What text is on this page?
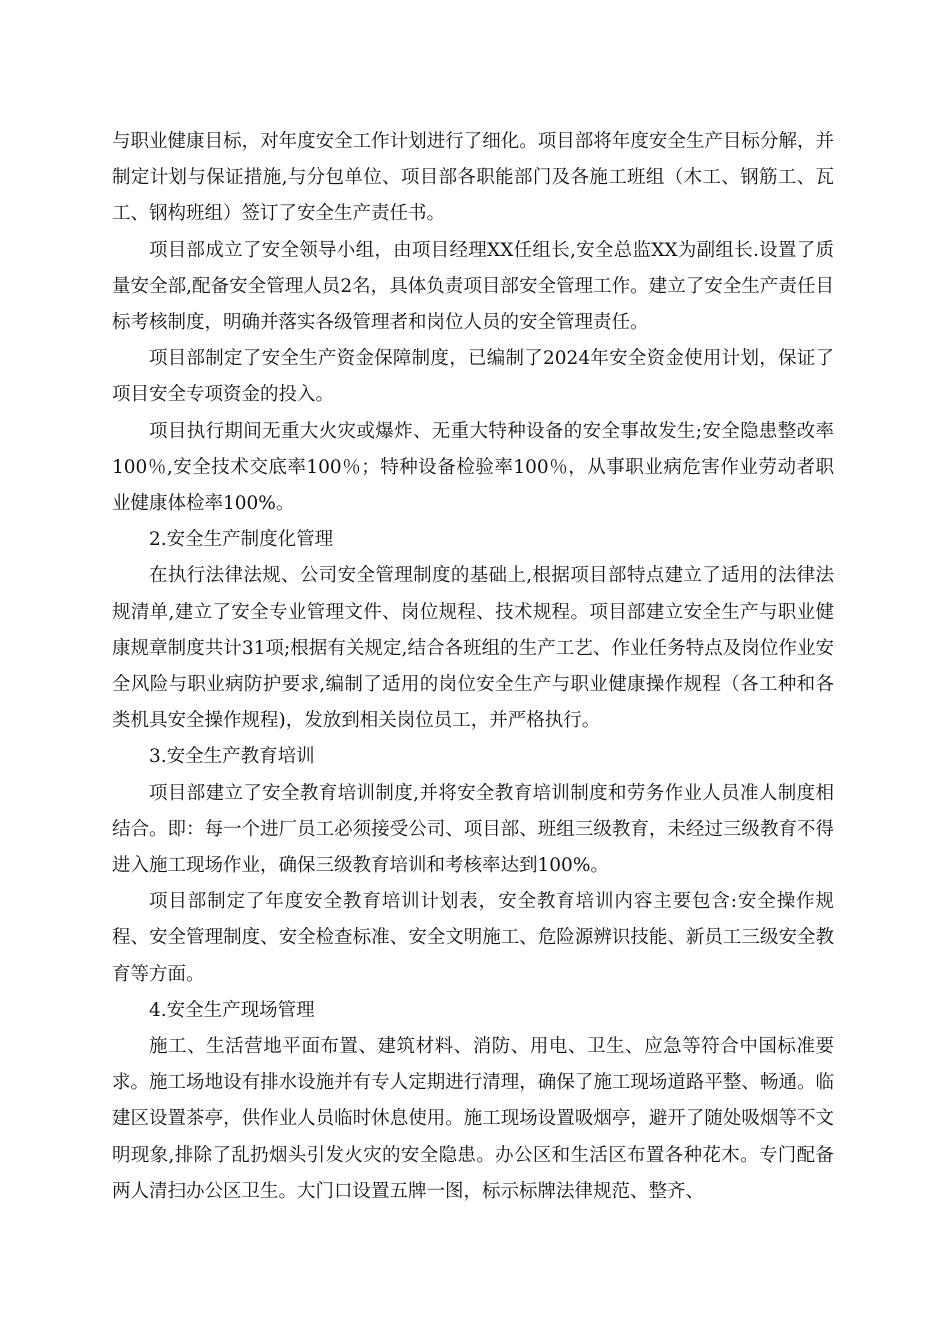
与职业健康目标，对年度安全工作计划进行了细化。项目部将年度安全生产目标分解，并制定计划与保证措施,与分包单位、项目部各职能部门及各施工班组（木工、钢筋工、瓦工、钢构班组）签订了安全生产责任书。

项目部成立了安全领导小组，由项目经理XX任组长,安全总监XX为副组长.设置了质量安全部,配备安全管理人员2名，具体负责项目部安全管理工作。建立了安全生产责任目标考核制度，明确并落实各级管理者和岗位人员的安全管理责任。

项目部制定了安全生产资金保障制度，已编制了2024年安全资金使用计划，保证了项目安全专项资金的投入。

项目执行期间无重大火灾或爆炸、无重大特种设备的安全事故发生;安全隐患整改率100％,安全技术交底率100％；特种设备检验率100％，从事职业病危害作业劳动者职业健康体检率100%。

2.安全生产制度化管理

在执行法律法规、公司安全管理制度的基础上,根据项目部特点建立了适用的法律法规清单,建立了安全专业管理文件、岗位规程、技术规程。项目部建立安全生产与职业健康规章制度共计31项;根据有关规定,结合各班组的生产工艺、作业任务特点及岗位作业安全风险与职业病防护要求,编制了适用的岗位安全生产与职业健康操作规程（各工种和各类机具安全操作规程)，发放到相关岗位员工，并严格执行。

3.安全生产教育培训

项目部建立了安全教育培训制度,并将安全教育培训制度和劳务作业人员准人制度相结合。即：每一个进厂员工必须接受公司、项目部、班组三级教育，未经过三级教育不得进入施工现场作业，确保三级教育培训和考核率达到100%。

项目部制定了年度安全教育培训计划表，安全教育培训内容主要包含:安全操作规程、安全管理制度、安全检查标准、安全文明施工、危险源辨识技能、新员工三级安全教育等方面。

4.安全生产现场管理

施工、生活营地平面布置、建筑材料、消防、用电、卫生、应急等符合中国标准要求。施工场地设有排水设施并有专人定期进行清理，确保了施工现场道路平整、畅通。临建区设置茶亭，供作业人员临时休息使用。施工现场设置吸烟亭，避开了随处吸烟等不文明现象,排除了乱扔烟头引发火灾的安全隐患。办公区和生活区布置各种花木。专门配备两人清扫办公区卫生。大门口设置五牌一图，标示标牌法律规范、整齐、
